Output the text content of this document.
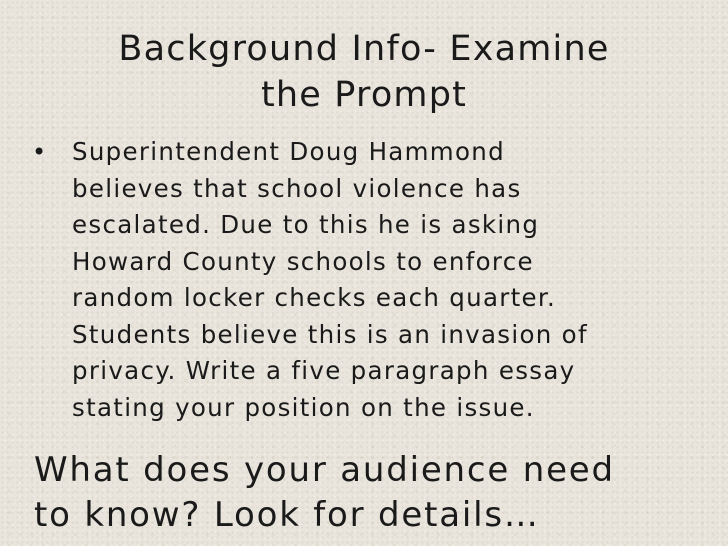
Background Info- Examine
the Prompt
•	Superintendent Doug Hammond
believes that school violence has
escalated. Due to this he is asking
Howard County schools to enforce
random locker checks each quarter.
Students believe this is an invasion of
privacy. Write a five paragraph essay
stating your position on the issue.
What does your audience need
to know? Look for details…
